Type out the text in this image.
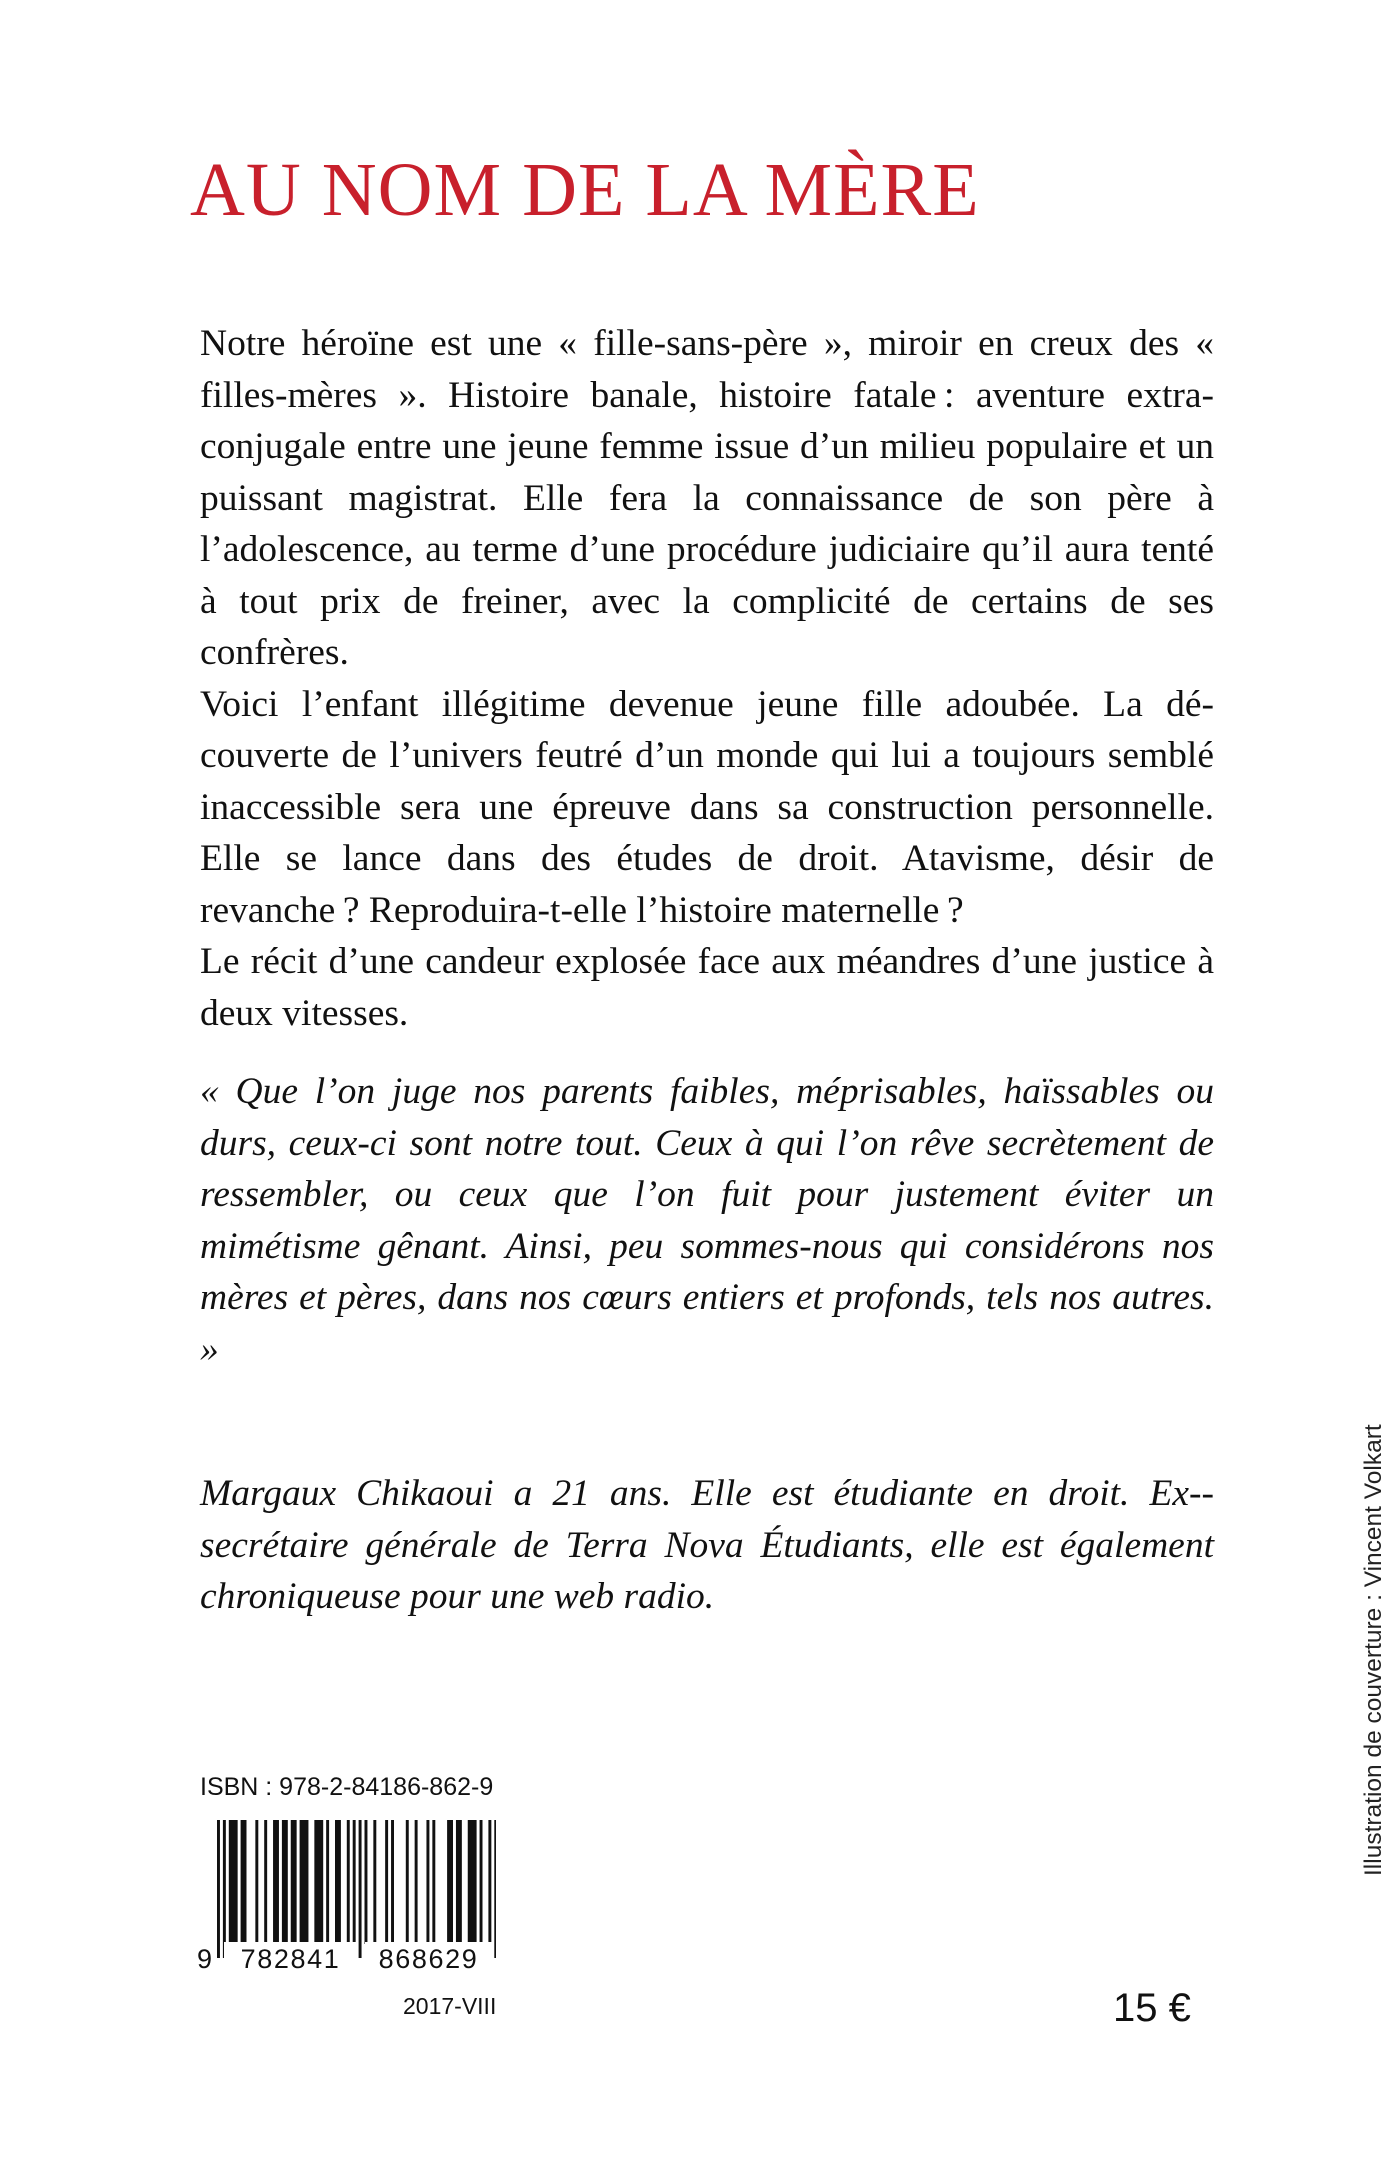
AU NOM DE LA MÈRE

Notre héroïne est une « fille-sans-père », miroir en creux des « filles-mères ». Histoire banale, histoire fatale : aventure extra-conjugale entre une jeune femme issue d’un milieu populaire et un puissant magistrat. Elle fera la connaissance de son père à l’adolescence, au terme d’une procédure judiciaire qu’il aura tenté à tout prix de freiner, avec la complicité de certains de ses confrères.

Voici l’enfant illégitime devenue jeune fille adoubée. La découverte de l’univers feutré d’un monde qui lui a toujours semblé inaccessible sera une épreuve dans sa construction personnelle. Elle se lance dans des études de droit. Atavisme, désir de revanche ? Reproduira-t-elle l’histoire maternelle ?

Le récit d’une candeur explosée face aux méandres d’une justice à deux vitesses.

« Que l’on juge nos parents faibles, méprisables, haïssables ou durs, ceux-ci sont notre tout. Ceux à qui l’on rêve secrètement de ressembler, ou ceux que l’on fuit pour justement éviter un mimétisme gênant. Ainsi, peu sommes-nous qui considérons nos mères et pères, dans nos cœurs entiers et profonds, tels nos autres. »

Margaux Chikaoui a 21 ans. Elle est étudiante en droit. Ex-secrétaire générale de Terra Nova Étudiants, elle est également chroniqueuse pour une web radio.	Illustration de couverture : Vincent Volkart
ISBN : 978-2-84186-862-9
9	782841	868629
2017-VIII	15 €
